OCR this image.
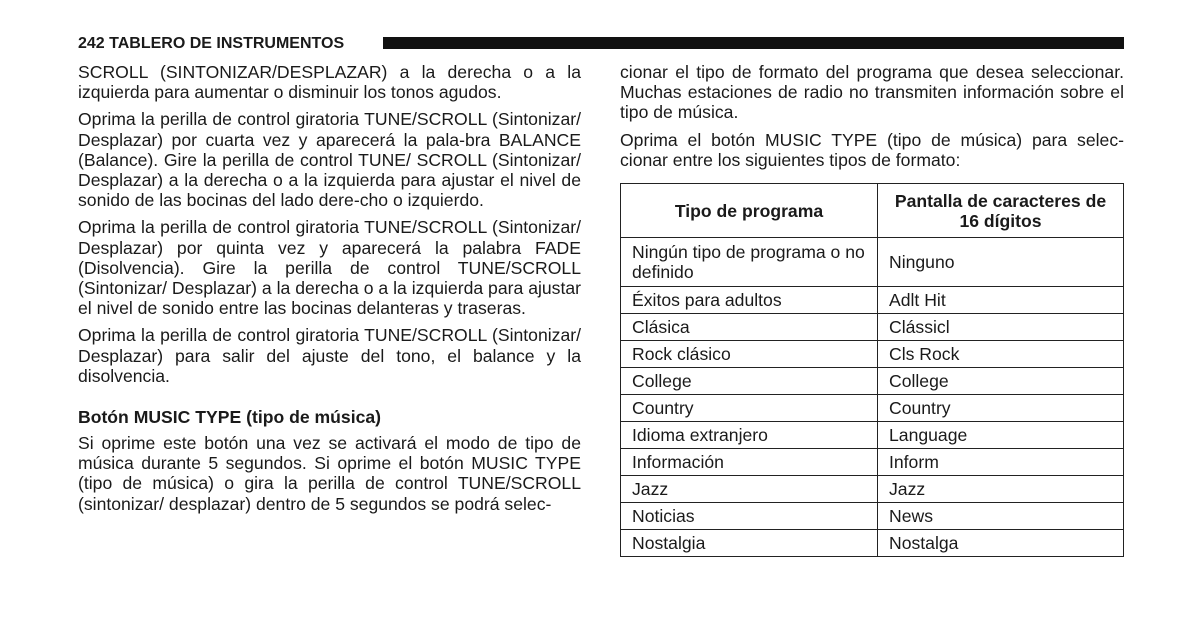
242 TABLERO DE INSTRUMENTOS

SCROLL (SINTONIZAR/DESPLAZAR) a la derecha o a la izquierda para aumentar o disminuir los tonos agudos.

Oprima la perilla de control giratoria TUNE/SCROLL (Sintonizar/ Desplazar) por cuarta vez y aparecerá la pala-bra BALANCE (Balance). Gire la perilla de control TUNE/ SCROLL (Sintonizar/ Desplazar) a la derecha o a la izquierda para ajustar el nivel de sonido de las bocinas del lado dere-cho o izquierdo.

Oprima la perilla de control giratoria TUNE/SCROLL (Sintonizar/ Desplazar) por quinta vez y aparecerá la palabra FADE (Disolvencia). Gire la perilla de control TUNE/SCROLL (Sintonizar/ Desplazar) a la derecha o a la izquierda para ajustar el nivel de sonido entre las bocinas delanteras y traseras.

Oprima la perilla de control giratoria TUNE/SCROLL (Sintonizar/ Desplazar) para salir del ajuste del tono, el balance y la disolvencia.

Botón MUSIC TYPE (tipo de música)

Si oprime este botón una vez se activará el modo de tipo de música durante 5 segundos. Si oprime el botón MUSIC TYPE (tipo de música) o gira la perilla de control TUNE/SCROLL (sintonizar/ desplazar) dentro de 5 segundos se podrá selec-

cionar el tipo de formato del programa que desea seleccionar. Muchas estaciones de radio no transmiten información sobre el tipo de música.

Oprima el botón MUSIC TYPE (tipo de música) para selec-cionar entre los siguientes tipos de formato:

Tipo de programa	Pantalla de caracteres de 16 dígitos
Ningún tipo de programa o no definido	Ninguno
Éxitos para adultos	Adlt Hit
Clásica	Clássicl
Rock clásico	Cls Rock
College	College
Country	Country
Idioma extranjero	Language
Información	Inform
Jazz	Jazz
Noticias	News
Nostalgia	Nostalga
